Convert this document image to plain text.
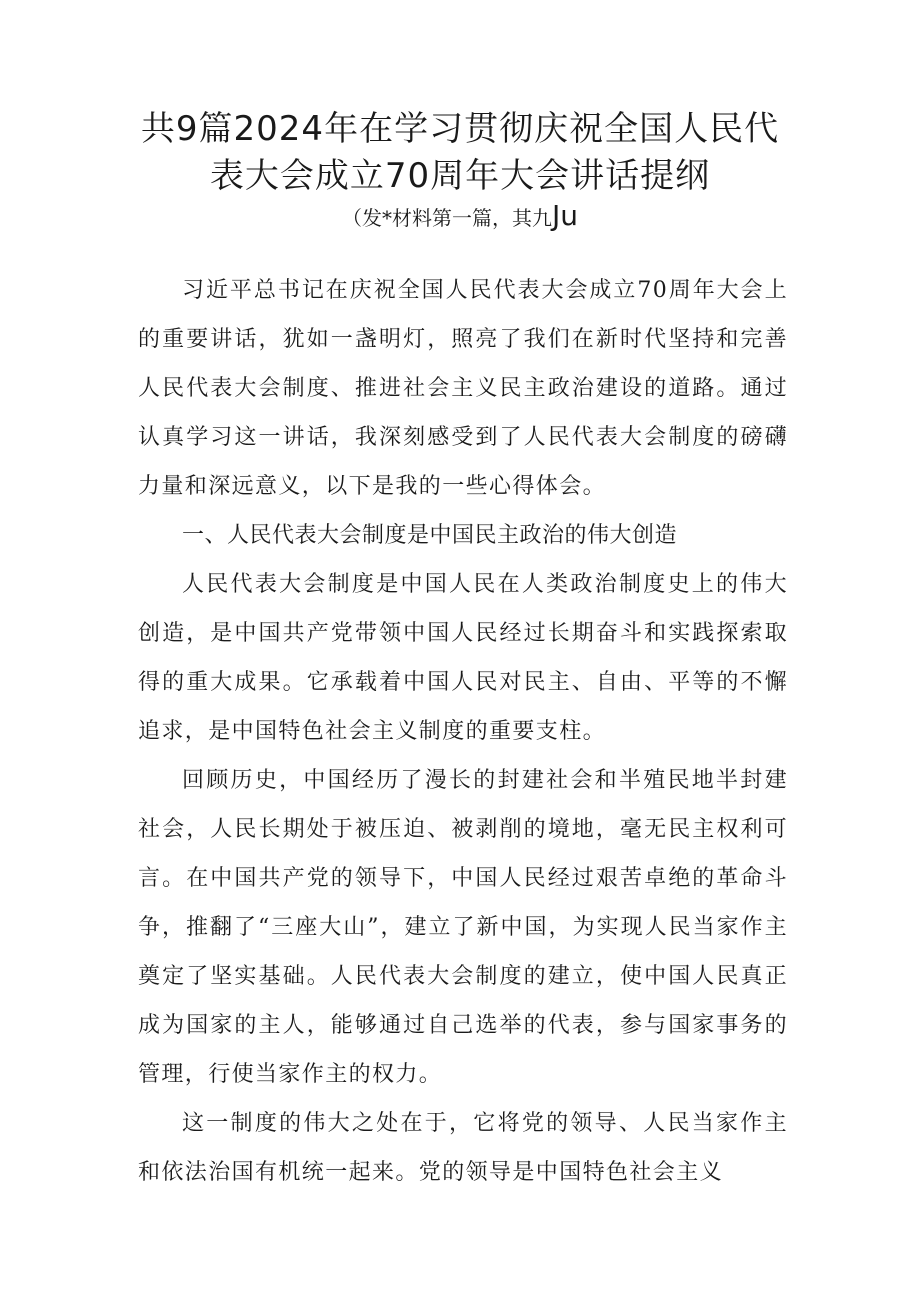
共9篇2024年在学习贯彻庆祝全国人民代
表大会成立70周年大会讲话提纲

（发*材料第一篇，其九Ju

习近平总书记在庆祝全国人民代表大会成立70周年大会上的重要讲话，犹如一盏明灯，照亮了我们在新时代坚持和完善人民代表大会制度、推进社会主义民主政治建设的道路。通过认真学习这一讲话，我深刻感受到了人民代表大会制度的磅礴力量和深远意义，以下是我的一些心得体会。

一、人民代表大会制度是中国民主政治的伟大创造

人民代表大会制度是中国人民在人类政治制度史上的伟大创造，是中国共产党带领中国人民经过长期奋斗和实践探索取得的重大成果。它承载着中国人民对民主、自由、平等的不懈追求，是中国特色社会主义制度的重要支柱。

回顾历史，中国经历了漫长的封建社会和半殖民地半封建社会，人民长期处于被压迫、被剥削的境地，毫无民主权利可言。在中国共产党的领导下，中国人民经过艰苦卓绝的革命斗争，推翻了“三座大山”，建立了新中国，为实现人民当家作主奠定了坚实基础。人民代表大会制度的建立，使中国人民真正成为国家的主人，能够通过自己选举的代表，参与国家事务的管理，行使当家作主的权力。

这一制度的伟大之处在于，它将党的领导、人民当家作主和依法治国有机统一起来。党的领导是中国特色社会主义
